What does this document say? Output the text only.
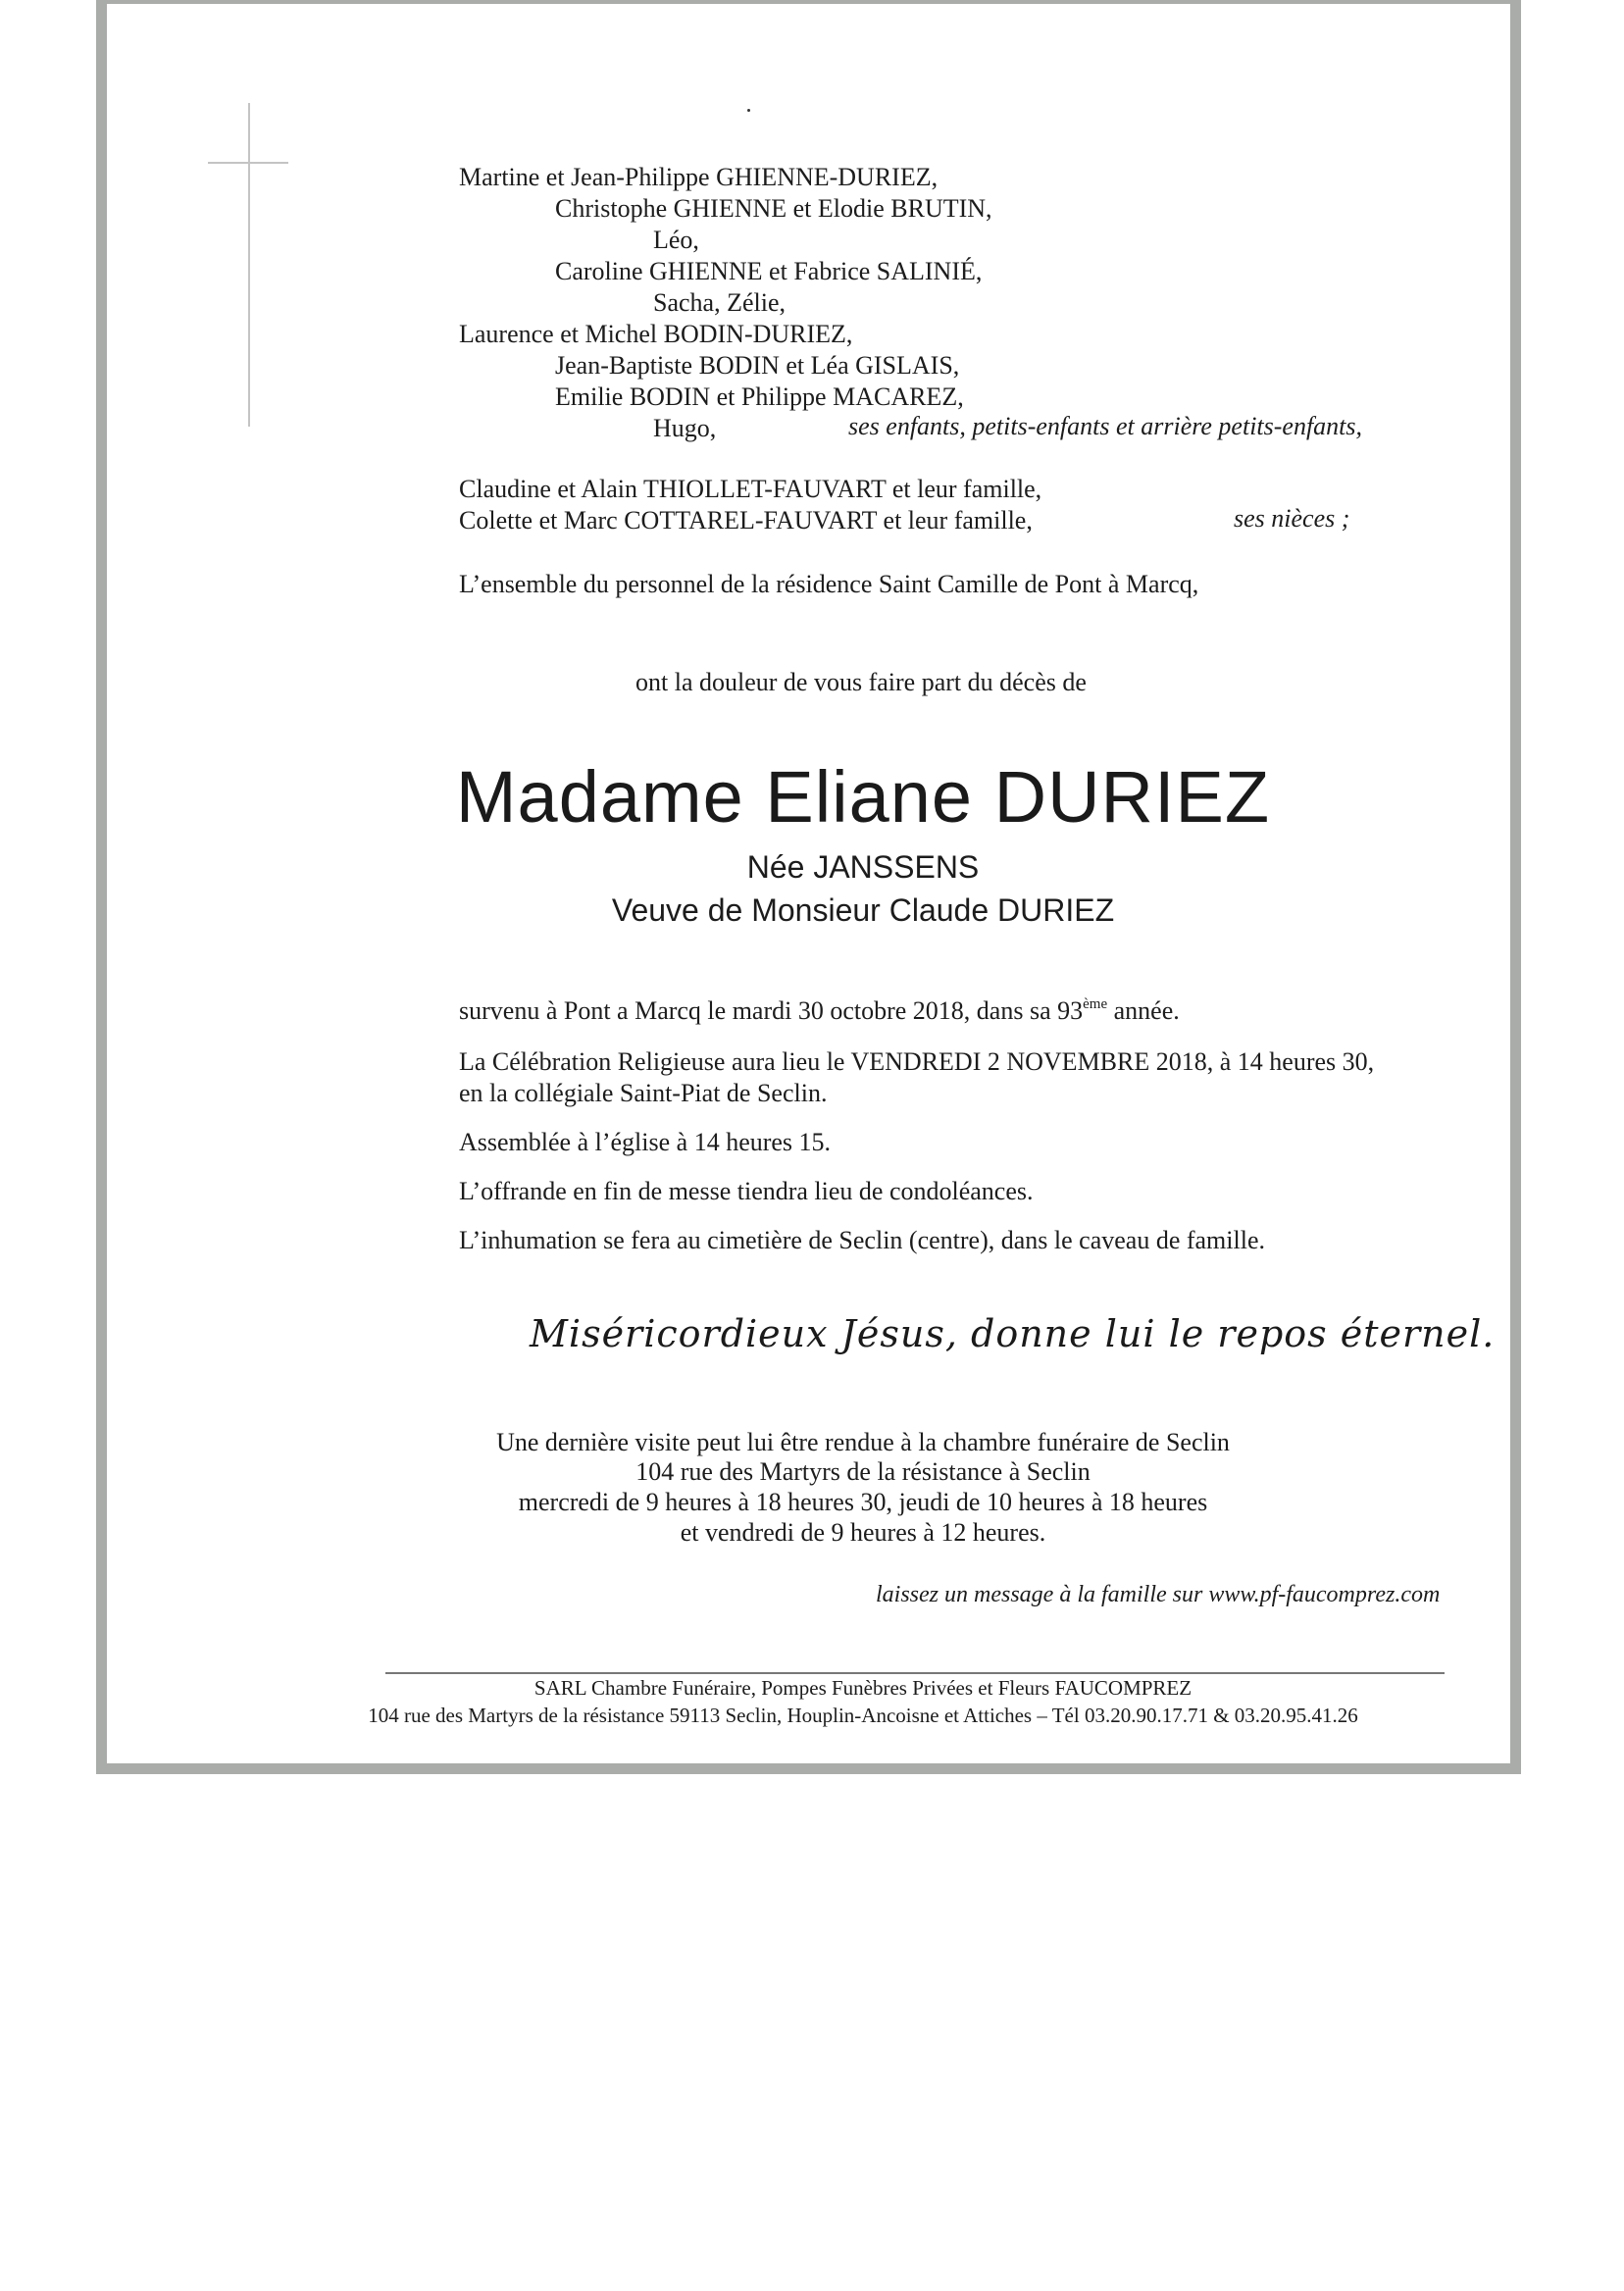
Martine et Jean-Philippe GHIENNE-DURIEZ,

Christophe GHIENNE et Elodie BRUTIN,

Léo,

Caroline GHIENNE et Fabrice SALINIÉ,

Sacha, Zélie,

Laurence et Michel BODIN-DURIEZ,

Jean-Baptiste BODIN et Léa GISLAIS,

Emilie BODIN et Philippe MACAREZ,

Hugo,	ses enfants, petits-enfants et arrière petits-enfants,

Claudine et Alain THIOLLET-FAUVART et leur famille,

Colette et Marc COTTAREL-FAUVART et leur famille,	ses nièces ;

L’ensemble du personnel de la résidence Saint Camille de Pont à Marcq,

ont la douleur de vous faire part du décès de

Madame Eliane DURIEZ
Née JANSSENS
Veuve de Monsieur Claude DURIEZ

survenu à Pont a Marcq le mardi 30 octobre 2018, dans sa 93ème année.

La Célébration Religieuse aura lieu le VENDREDI 2 NOVEMBRE 2018, à 14 heures 30,

en la collégiale Saint-Piat de Seclin.

Assemblée à l’église à 14 heures 15.

L’offrande en fin de messe tiendra lieu de condoléances.

L’inhumation se fera au cimetière de Seclin (centre), dans le caveau de famille.

Miséricordieux Jésus, donne lui le repos éternel.

Une dernière visite peut lui être rendue à la chambre funéraire de Seclin

104 rue des Martyrs de la résistance à Seclin

mercredi de 9 heures à 18 heures 30, jeudi de 10 heures à 18 heures

et vendredi de 9 heures à 12 heures.

laissez un message à la famille sur www.pf-faucomprez.com

SARL Chambre Funéraire, Pompes Funèbres Privées et Fleurs FAUCOMPREZ

104 rue des Martyrs de la résistance 59113 Seclin, Houplin-Ancoisne et Attiches – Tél 03.20.90.17.71 & 03.20.95.41.26
